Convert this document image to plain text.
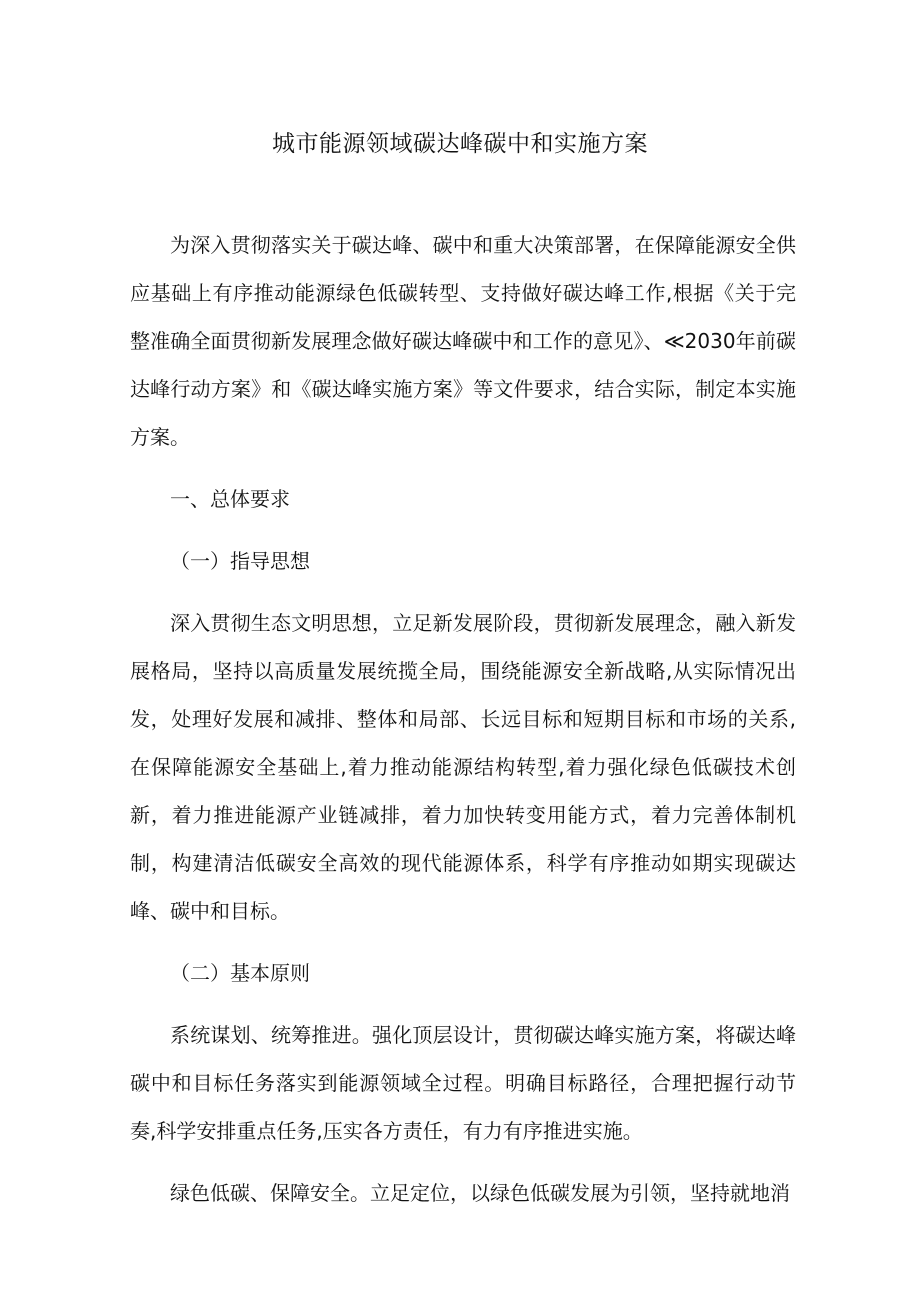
城市能源领域碳达峰碳中和实施方案

为深入贯彻落实关于碳达峰、碳中和重大决策部署，在保障能源安全供应基础上有序推动能源绿色低碳转型、支持做好碳达峰工作,根据《关于完整准确全面贯彻新发展理念做好碳达峰碳中和工作的意见》、≪2030年前碳达峰行动方案》和《碳达峰实施方案》等文件要求，结合实际，制定本实施方案。

一、总体要求

（一）指导思想

深入贯彻生态文明思想，立足新发展阶段，贯彻新发展理念，融入新发展格局，坚持以高质量发展统揽全局，围绕能源安全新战略,从实际情况出发，处理好发展和减排、整体和局部、长远目标和短期目标和市场的关系,在保障能源安全基础上,着力推动能源结构转型,着力强化绿色低碳技术创新，着力推进能源产业链减排，着力加快转变用能方式，着力完善体制机制，构建清洁低碳安全高效的现代能源体系，科学有序推动如期实现碳达峰、碳中和目标。

（二）基本原则

系统谋划、统筹推进。强化顶层设计，贯彻碳达峰实施方案，将碳达峰碳中和目标任务落实到能源领域全过程。明确目标路径，合理把握行动节奏,科学安排重点任务,压实各方责任，有力有序推进实施。

绿色低碳、保障安全。立足定位，以绿色低碳发展为引领，坚持就地消
